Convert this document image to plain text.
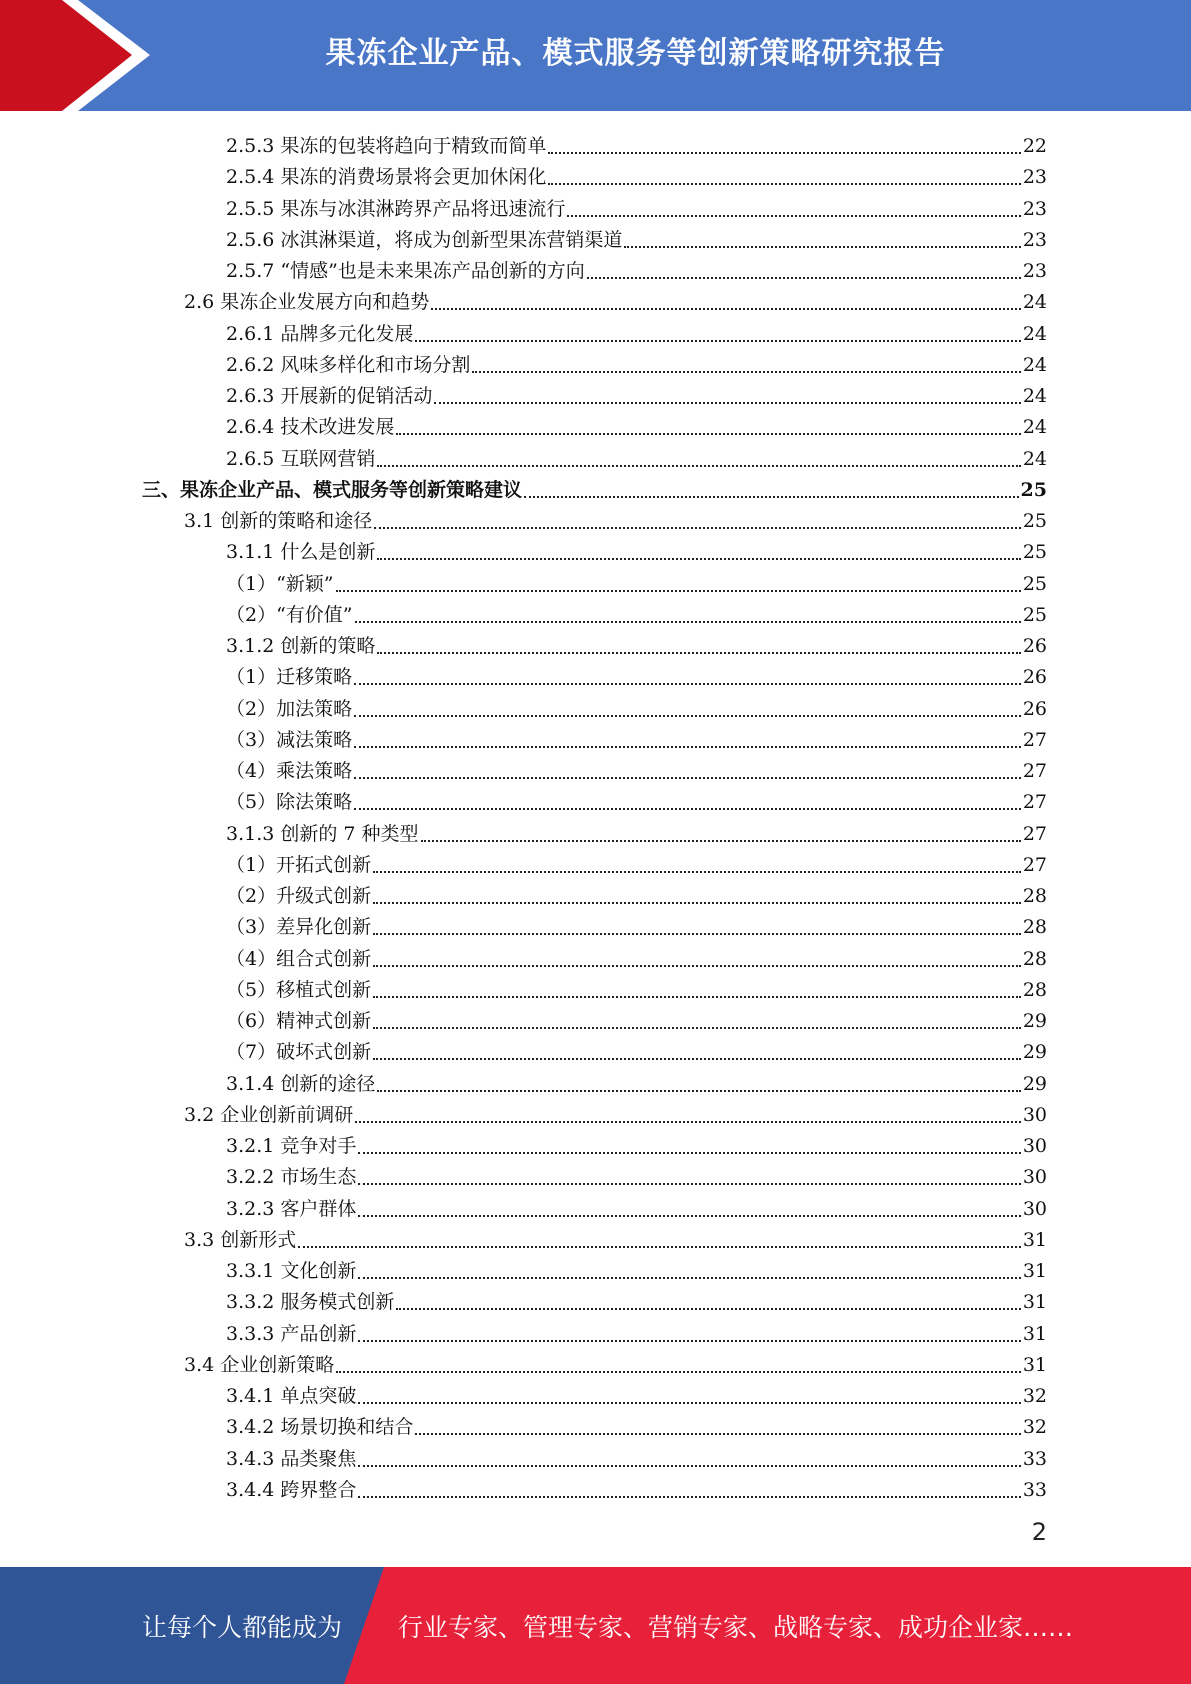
果冻企业产品、模式服务等创新策略研究报告
2.5.3 果冻的包装将趋向于精致而简单	22
2.5.4 果冻的消费场景将会更加休闲化	23
2.5.5 果冻与冰淇淋跨界产品将迅速流行	23
2.5.6 冰淇淋渠道，将成为创新型果冻营销渠道	23
2.5.7 “情感”也是未来果冻产品创新的方向	23
2.6 果冻企业发展方向和趋势	24
2.6.1 品牌多元化发展	24
2.6.2 风味多样化和市场分割	24
2.6.3 开展新的促销活动	24
2.6.4 技术改进发展	24
2.6.5 互联网营销	24
三、果冻企业产品、模式服务等创新策略建议	25
3.1 创新的策略和途径	25
3.1.1 什么是创新	25
（1）“新颖”	25
（2）“有价值”	25
3.1.2 创新的策略	26
（1）迁移策略	26
（2）加法策略	26
（3）减法策略	27
（4）乘法策略	27
（5）除法策略	27
3.1.3 创新的 7 种类型	27
（1）开拓式创新	27
（2）升级式创新	28
（3）差异化创新	28
（4）组合式创新	28
（5）移植式创新	28
（6）精神式创新	29
（7）破坏式创新	29
3.1.4 创新的途径	29
3.2 企业创新前调研	30
3.2.1 竞争对手	30
3.2.2 市场生态	30
3.2.3 客户群体	30
3.3 创新形式	31
3.3.1 文化创新	31
3.3.2 服务模式创新	31
3.3.3 产品创新	31
3.4 企业创新策略	31
3.4.1 单点突破	32
3.4.2 场景切换和结合	32
3.4.3 品类聚焦	33
3.4.4 跨界整合	33
2
让每个人都能成为 行业专家、管理专家、营销专家、战略专家、成功企业家……
